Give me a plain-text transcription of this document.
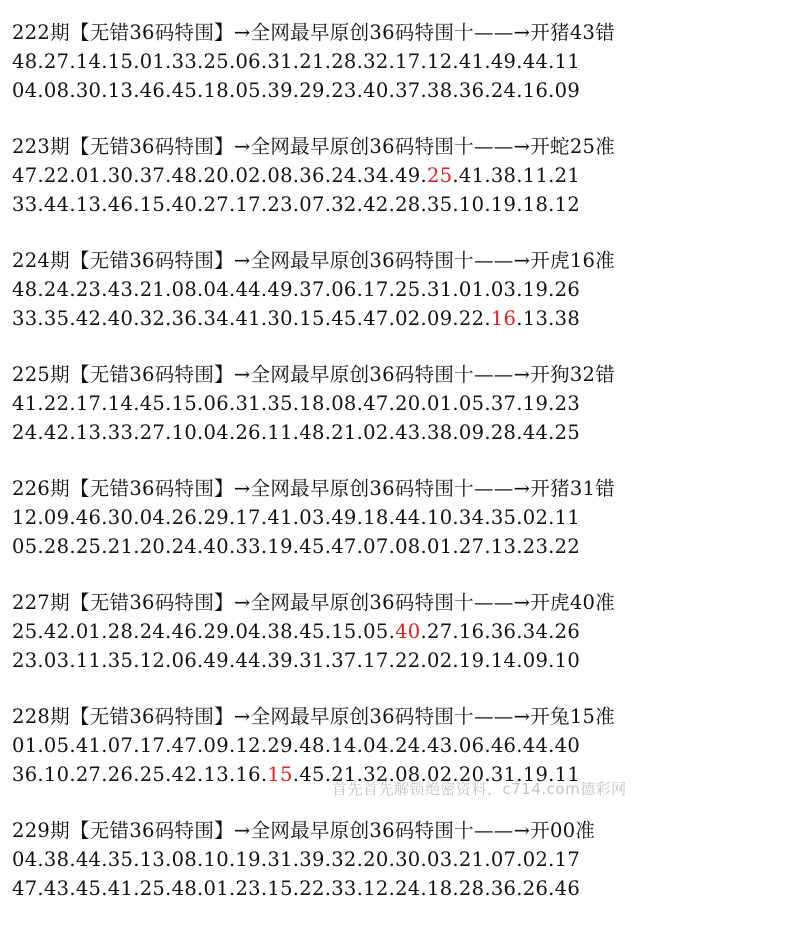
222期【无错36码特围】→全网最早原创36码特围十——→开猪43错
48.27.14.15.01.33.25.06.31.21.28.32.17.12.41.49.44.11
04.08.30.13.46.45.18.05.39.29.23.40.37.38.36.24.16.09
223期【无错36码特围】→全网最早原创36码特围十——→开蛇25准
47.22.01.30.37.48.20.02.08.36.24.34.49.25.41.38.11.21
33.44.13.46.15.40.27.17.23.07.32.42.28.35.10.19.18.12
224期【无错36码特围】→全网最早原创36码特围十——→开虎16准
48.24.23.43.21.08.04.44.49.37.06.17.25.31.01.03.19.26
33.35.42.40.32.36.34.41.30.15.45.47.02.09.22.16.13.38
225期【无错36码特围】→全网最早原创36码特围十——→开狗32错
41.22.17.14.45.15.06.31.35.18.08.47.20.01.05.37.19.23
24.42.13.33.27.10.04.26.11.48.21.02.43.38.09.28.44.25
226期【无错36码特围】→全网最早原创36码特围十——→开猪31错
12.09.46.30.04.26.29.17.41.03.49.18.44.10.34.35.02.11
05.28.25.21.20.24.40.33.19.45.47.07.08.01.27.13.23.22
227期【无错36码特围】→全网最早原创36码特围十——→开虎40准
25.42.01.28.24.46.29.04.38.45.15.05.40.27.16.36.34.26
23.03.11.35.12.06.49.44.39.31.37.17.22.02.19.14.09.10
228期【无错36码特围】→全网最早原创36码特围十——→开兔15准
01.05.41.07.17.47.09.12.29.48.14.04.24.43.06.46.44.40
36.10.27.26.25.42.13.16.15.45.21.32.08.02.20.31.19.11
229期【无错36码特围】→全网最早原创36码特围十——→开00准
04.38.44.35.13.08.10.19.31.39.32.20.30.03.21.07.02.17
47.43.45.41.25.48.01.23.15.22.33.12.24.18.28.36.26.46
首先首先解锁绝密资料，c714.com德彩网
